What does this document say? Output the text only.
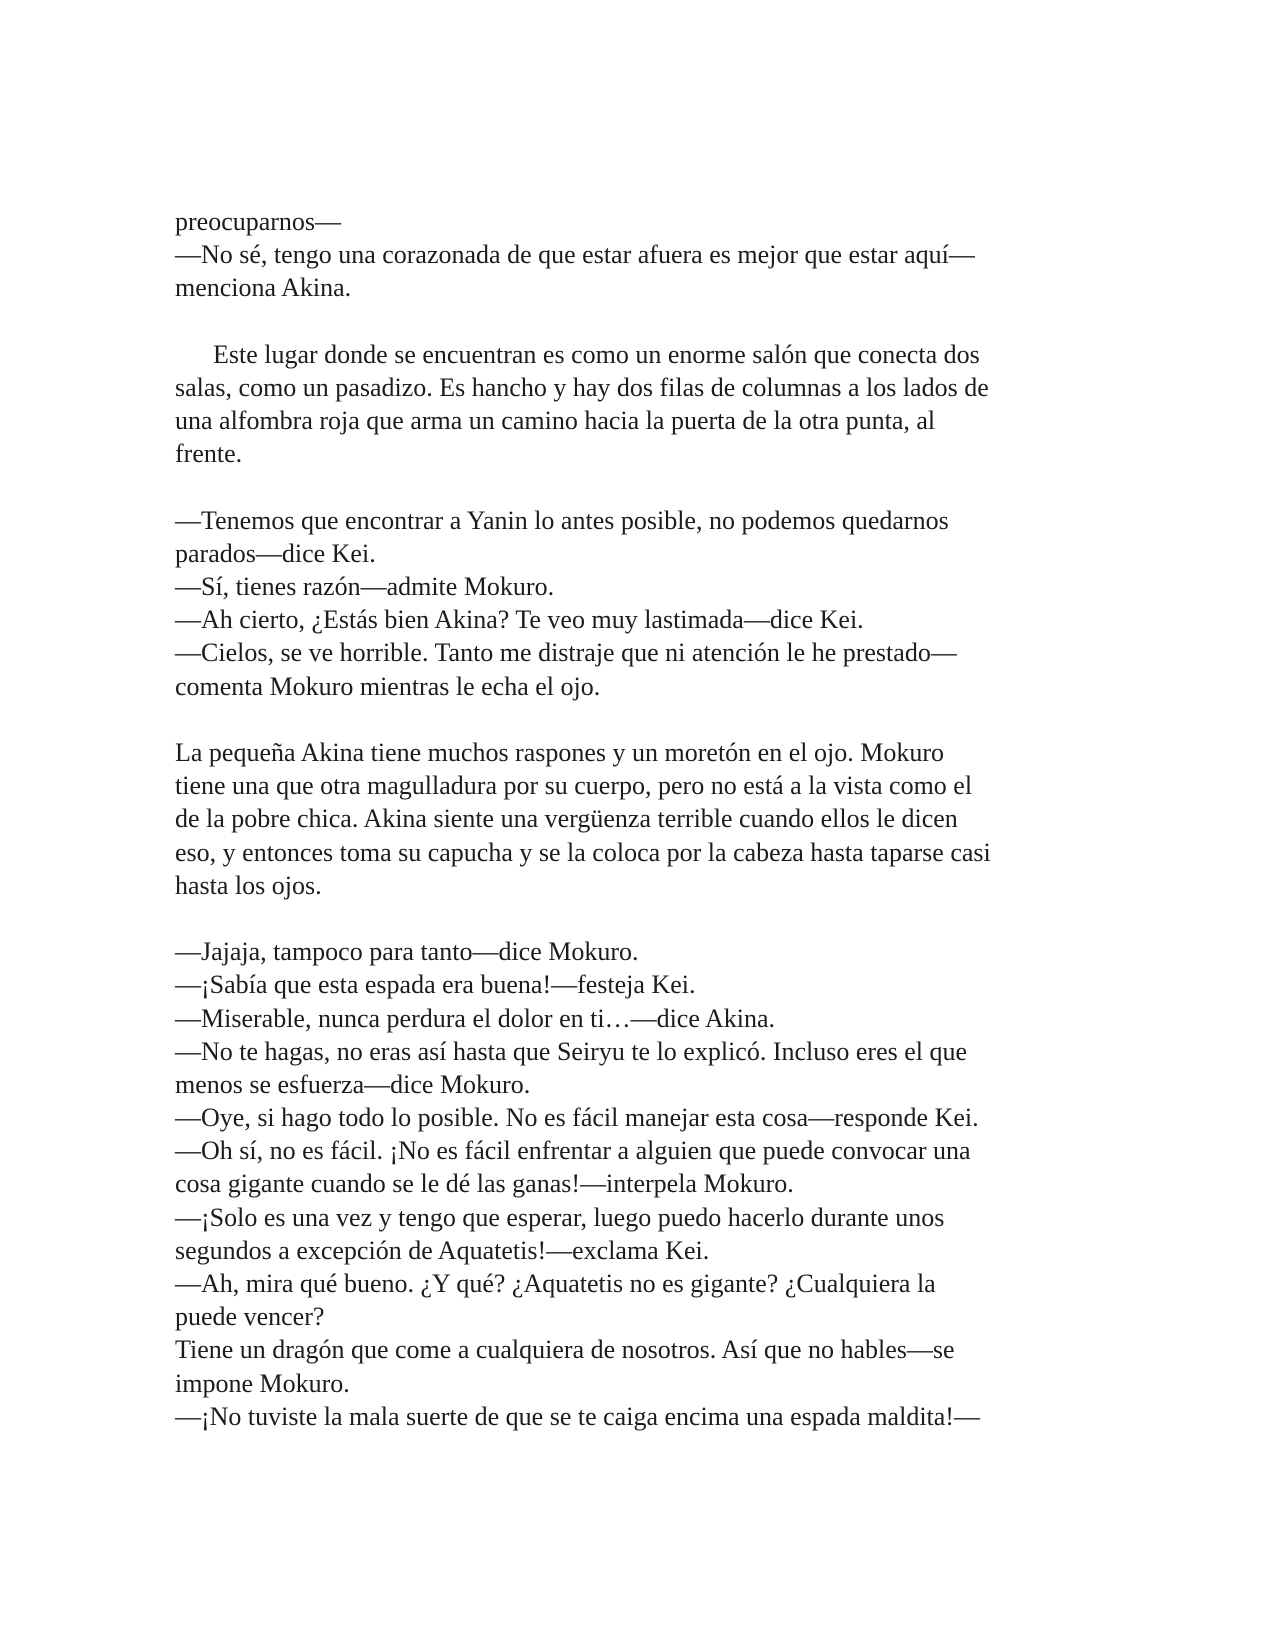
preocuparnos—
—No sé, tengo una corazonada de que estar afuera es mejor que estar aquí—
menciona Akina.
Este lugar donde se encuentran es como un enorme salón que conecta dos
salas, como un pasadizo. Es hancho y hay dos filas de columnas a los lados de
una alfombra roja que arma un camino hacia la puerta de la otra punta, al
frente.
—Tenemos que encontrar a Yanin lo antes posible, no podemos quedarnos
parados—dice Kei.
—Sí, tienes razón—admite Mokuro.
—Ah cierto, ¿Estás bien Akina? Te veo muy lastimada—dice Kei.
—Cielos, se ve horrible. Tanto me distraje que ni atención le he prestado—
comenta Mokuro mientras le echa el ojo.
La pequeña Akina tiene muchos raspones y un moretón en el ojo. Mokuro
tiene una que otra magulladura por su cuerpo, pero no está a la vista como el
de la pobre chica. Akina siente una vergüenza terrible cuando ellos le dicen
eso, y entonces toma su capucha y se la coloca por la cabeza hasta taparse casi
hasta los ojos.
—Jajaja, tampoco para tanto—dice Mokuro.
—¡Sabía que esta espada era buena!—festeja Kei.
—Miserable, nunca perdura el dolor en ti…—dice Akina.
—No te hagas, no eras así hasta que Seiryu te lo explicó. Incluso eres el que
menos se esfuerza—dice Mokuro.
—Oye, si hago todo lo posible. No es fácil manejar esta cosa—responde Kei.
—Oh sí, no es fácil. ¡No es fácil enfrentar a alguien que puede convocar una
cosa gigante cuando se le dé las ganas!—interpela Mokuro.
—¡Solo es una vez y tengo que esperar, luego puedo hacerlo durante unos
segundos a excepción de Aquatetis!—exclama Kei.
—Ah, mira qué bueno. ¿Y qué? ¿Aquatetis no es gigante? ¿Cualquiera la
puede vencer?
Tiene un dragón que come a cualquiera de nosotros. Así que no hables—se
impone Mokuro.
—¡No tuviste la mala suerte de que se te caiga encima una espada maldita!—
